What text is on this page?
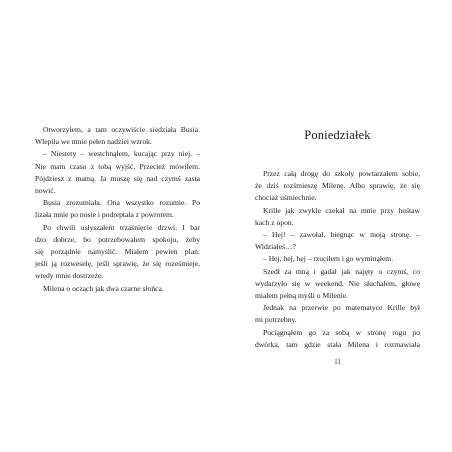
Otworzyłem, a tam oczywiście siedziała Busia.
Wlepiła we mnie pełen nadziei wzrok.
– Niestety – westchnąłem, kucając przy niej. –
Nie mam czasu z tobą wyjść. Przecież mówiłem.
Pójdziesz z mamą. Ja muszę się nad czymś zasta
nowić.
Busia zrozumiała. Ona wszystko rozumie. Po
lizała mnie po nosie i podreptała z powrotem.
Po chwili usłyszałem trzaśnięcie drzwi. I bar
dzo dobrze, bo potrzebowałem spokoju, żeby
się porządnie namyślić. Miałem pewien plan:
jeśli ją rozweselę, jeśli sprawię, że się roześmieje,
wtedy mnie dostrzeże.
Milena o oczach jak dwa czarne słońca.
Poniedziałek
Przez całą drogę do szkoły powtarzałem sobie,
że dziś rozśmieszę Milenę. Albo sprawię, że się
chociaż uśmiechnie.
Krille jak zwykle czekał na mnie przy huśtaw
kach z opon.
– Hej! – zawołał, biegnąc w moją stronę. –
Widziałeś…?
– Hej, hej, hej – rzuciłem i go wyminąłem.
Szedł za mną i gadał jak najęty o czymś, co
wydarzyło się w weekend. Nie słuchałem, głowę
miałem pełną myśli o Milenie.
Jednak na przerwie po matematyce Krille był
mi potrzebny.
Pociągnąłem go za sobą w stronę rogu po
dwórka, tam gdzie stała Milena i rozmawiała
11
